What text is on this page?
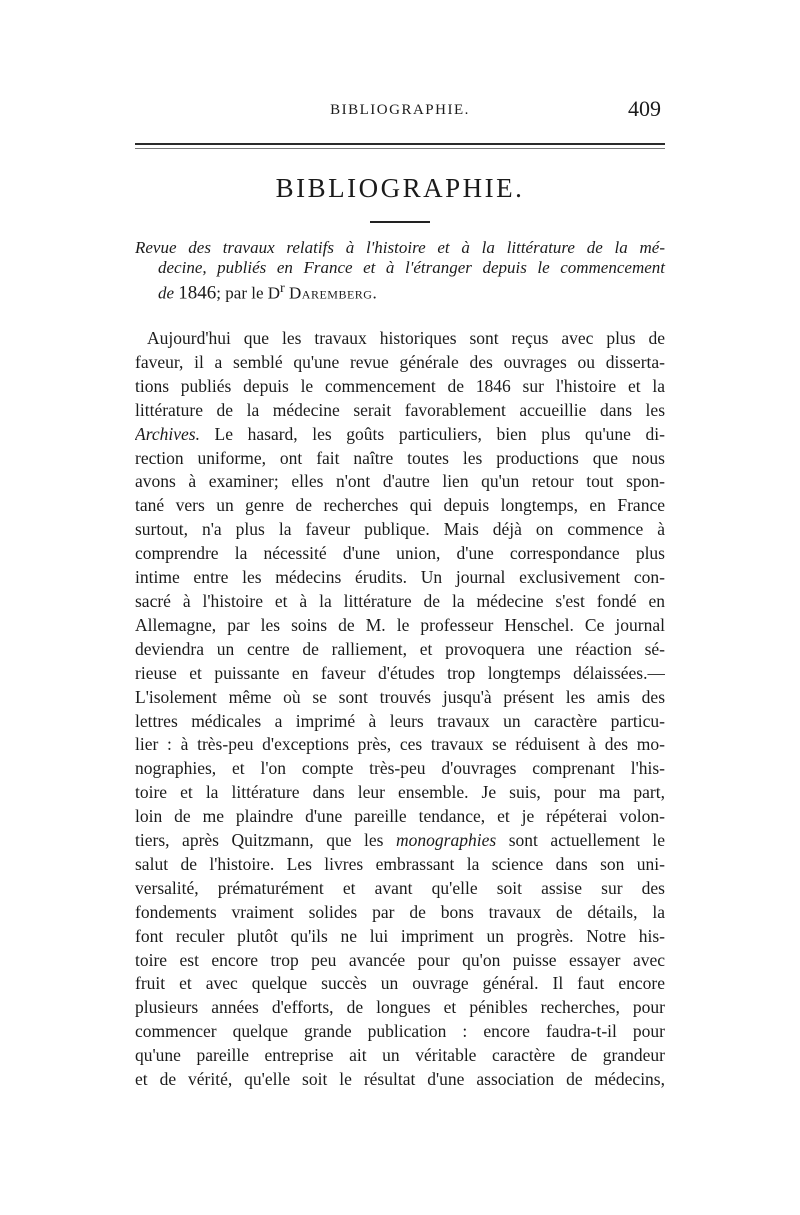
BIBLIOGRAPHIE.	409
BIBLIOGRAPHIE.
Revue des travaux relatifs à l'histoire et à la littérature de la mé-
decine, publiés en France et à l'étranger depuis le commencement
de 1846; par le $D^r$ Daremberg.
Aujourd'hui que les travaux historiques sont reçus avec plus de
faveur, il a semblé qu'une revue générale des ouvrages ou disserta-
tions publiés depuis le commencement de 1846 sur l'histoire et la
littérature de la médecine serait favorablement accueillie dans les
Archives. Le hasard, les goûts particuliers, bien plus qu'une di-
rection uniforme, ont fait naître toutes les productions que nous
avons à examiner; elles n'ont d'autre lien qu'un retour tout spon-
tané vers un genre de recherches qui depuis longtemps, en France
surtout, n'a plus la faveur publique. Mais déjà on commence à
comprendre la nécessité d'une union, d'une correspondance plus
intime entre les médecins érudits. Un journal exclusivement con-
sacré à l'histoire et à la littérature de la médecine s'est fondé en
Allemagne, par les soins de M. le professeur Henschel. Ce journal
deviendra un centre de ralliement, et provoquera une réaction sé-
rieuse et puissante en faveur d'études trop longtemps délaissées.—
L'isolement même où se sont trouvés jusqu'à présent les amis des
lettres médicales a imprimé à leurs travaux un caractère particu-
lier : à très-peu d'exceptions près, ces travaux se réduisent à des mo-
nographies, et l'on compte très-peu d'ouvrages comprenant l'his-
toire et la littérature dans leur ensemble. Je suis, pour ma part,
loin de me plaindre d'une pareille tendance, et je répéterai volon-
tiers, après Quitzmann, que les monographies sont actuellement le
salut de l'histoire. Les livres embrassant la science dans son uni-
versalité, prématurément et avant qu'elle soit assise sur des
fondements vraiment solides par de bons travaux de détails, la
font reculer plutôt qu'ils ne lui impriment un progrès. Notre his-
toire est encore trop peu avancée pour qu'on puisse essayer avec
fruit et avec quelque succès un ouvrage général. Il faut encore
plusieurs années d'efforts, de longues et pénibles recherches, pour
commencer quelque grande publication : encore faudra-t-il pour
qu'une pareille entreprise ait un véritable caractère de grandeur
et de vérité, qu'elle soit le résultat d'une association de médecins,
